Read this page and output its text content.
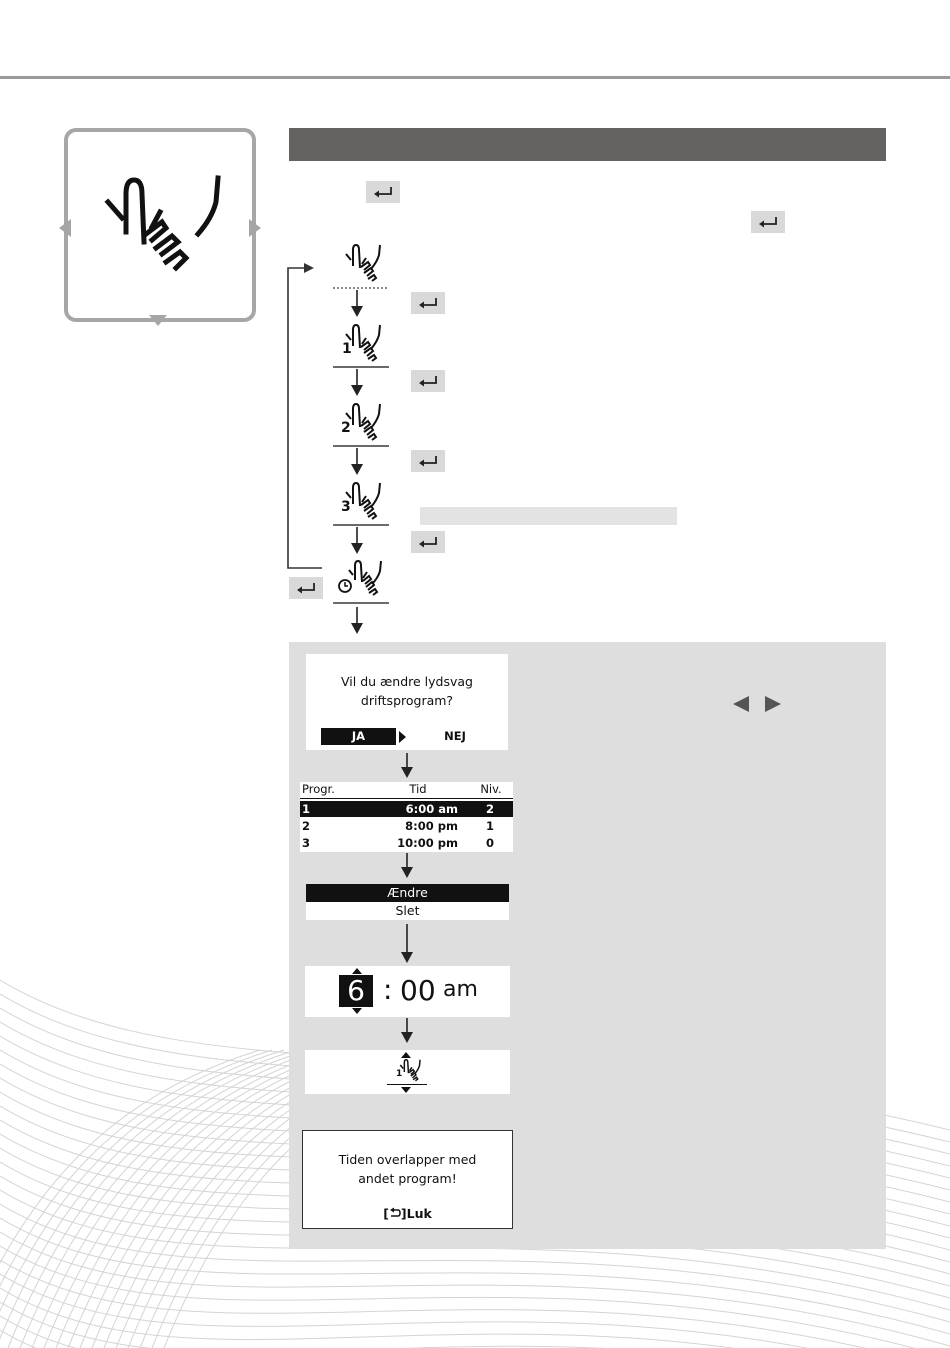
1
2
3
Vil du ændre lydsvag
driftsprogram?
JA	NEJ
Progr.	Tid	Niv.
1	6:00 am	2
2	8:00 pm	1
3	10:00 pm	0
Ændre
Slet
6 : 00 am
1
Tiden overlapper med
andet program!
[ ]Luk
